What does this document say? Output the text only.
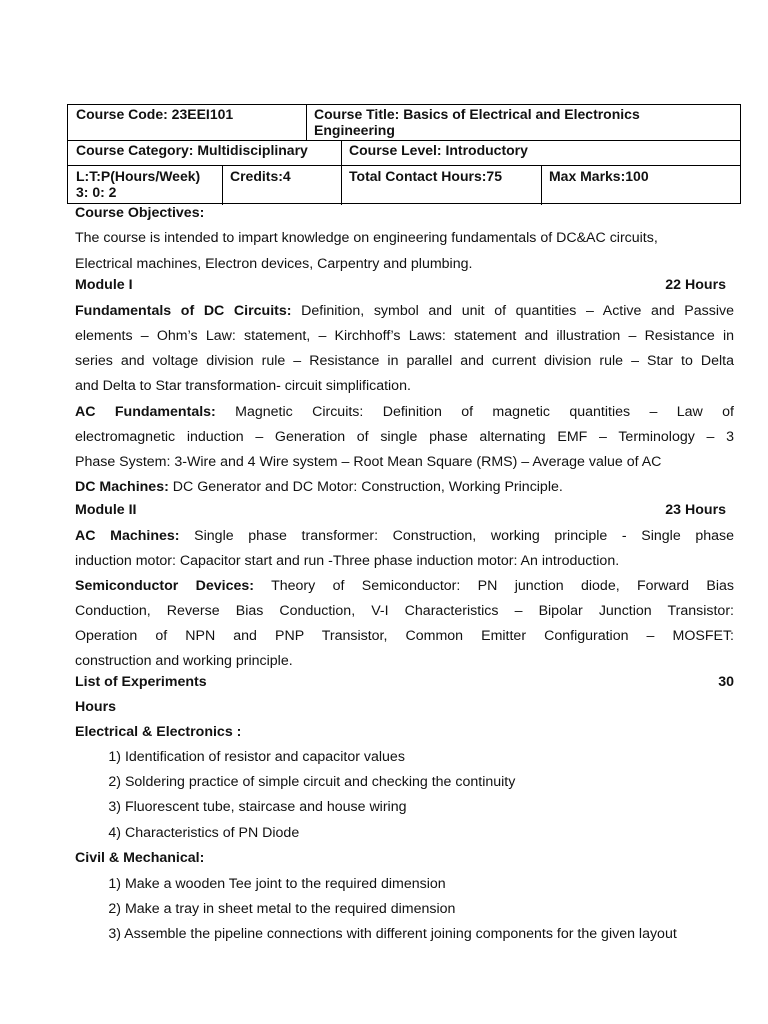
Course Code: 23EEI101	Course Title: Basics of Electrical and Electronics
Engineering
Course Category: Multidisciplinary	Course Level: Introductory
L:T:P(Hours/Week)
3: 0: 2
Credits:4	Total Contact Hours:75	Max Marks:100
Course Objectives:
The course is intended to impart knowledge on engineering fundamentals of DC&AC circuits,
Electrical machines, Electron devices, Carpentry and plumbing.
Module I	22 Hours
Fundamentals of DC Circuits: Definition, symbol and unit of quantities – Active and Passive
elements – Ohm’s Law: statement, – Kirchhoff’s Laws: statement and illustration – Resistance in
series and voltage division rule – Resistance in parallel and current division rule – Star to Delta
and Delta to Star transformation- circuit simplification.
AC Fundamentals: Magnetic Circuits: Definition of magnetic quantities – Law of
electromagnetic induction – Generation of single phase alternating EMF – Terminology – 3
Phase System: 3-Wire and 4 Wire system – Root Mean Square (RMS) – Average value of AC
DC Machines: DC Generator and DC Motor: Construction, Working Principle.
Module II	23 Hours
AC Machines: Single phase transformer: Construction, working principle - Single phase
induction motor: Capacitor start and run -Three phase induction motor: An introduction.
Semiconductor Devices: Theory of Semiconductor: PN junction diode, Forward Bias
Conduction, Reverse Bias Conduction, V-I Characteristics – Bipolar Junction Transistor:
Operation of NPN and PNP Transistor, Common Emitter Configuration – MOSFET:
construction and working principle.
List of Experiments	30
Hours
Electrical & Electronics :
1) Identification of resistor and capacitor values
2) Soldering practice of simple circuit and checking the continuity
3) Fluorescent tube, staircase and house wiring
4) Characteristics of PN Diode
Civil & Mechanical:
1) Make a wooden Tee joint to the required dimension
2) Make a tray in sheet metal to the required dimension
3) Assemble the pipeline connections with different joining components for the given layout
